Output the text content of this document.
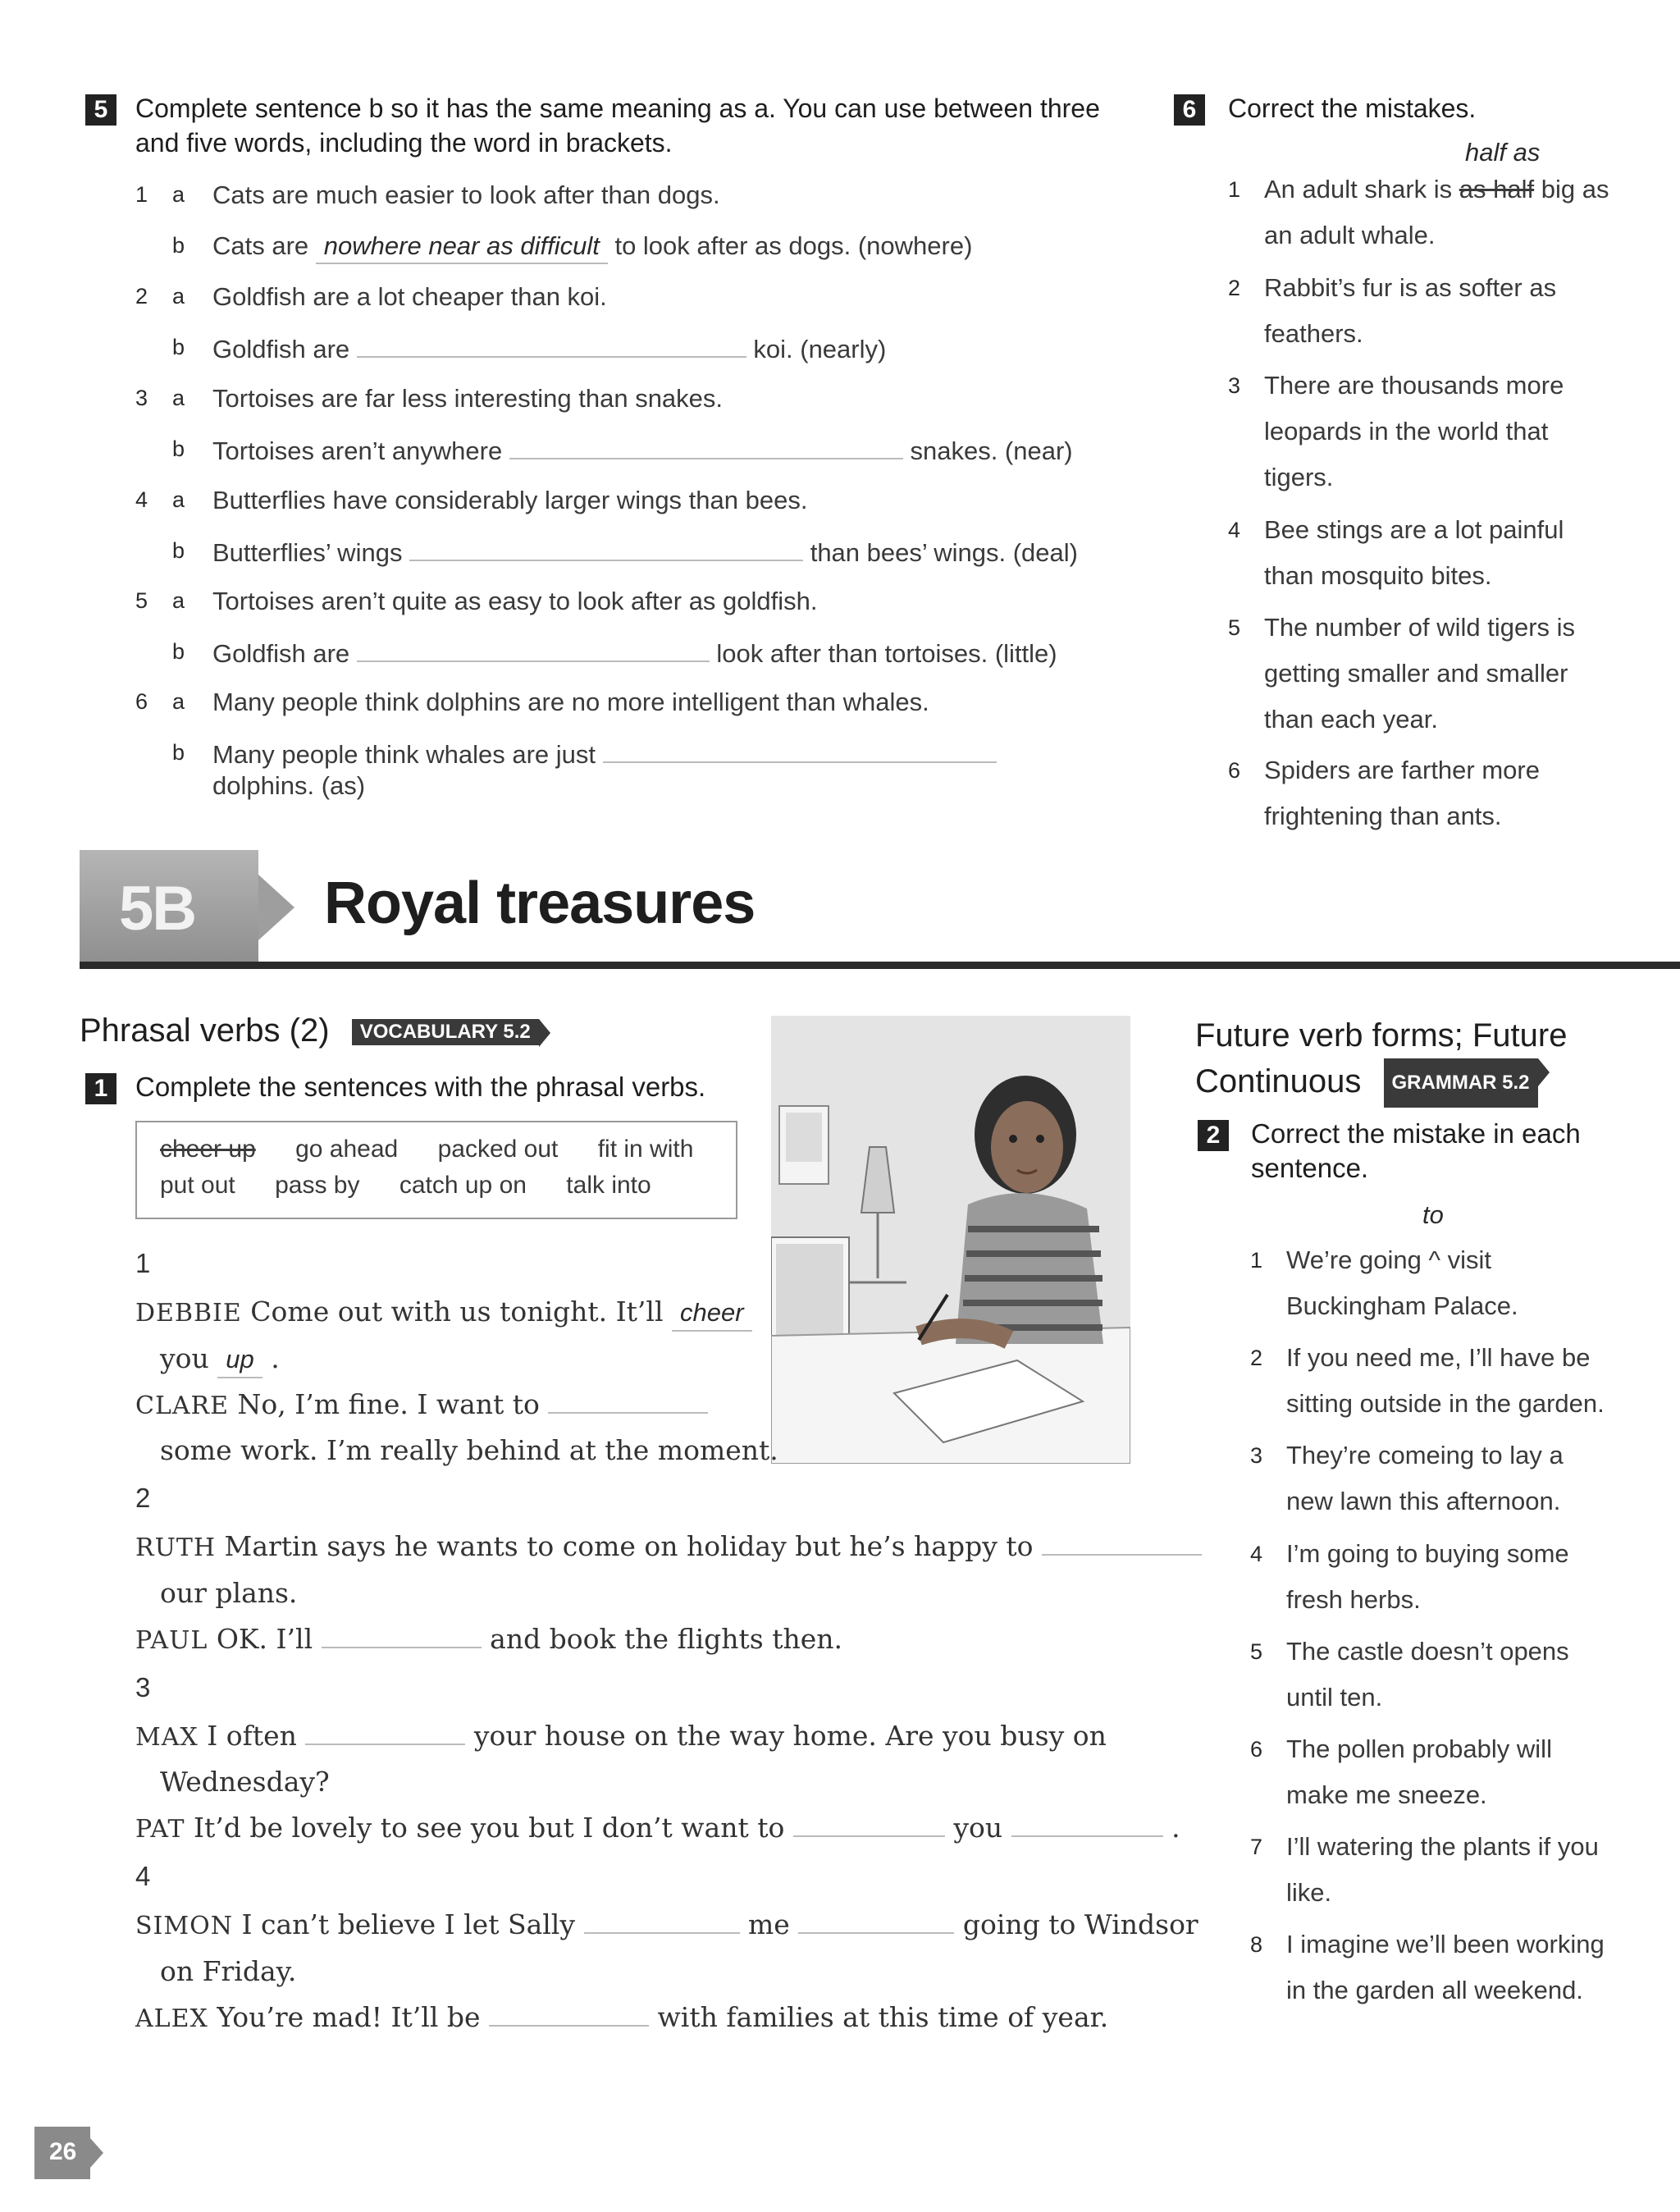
5	Complete sentence b so it has the same meaning as a. You can use between three and five words, including the word in brackets.
1 a Cats are much easier to look after than dogs.
b Cats are nowhere near as difficult to look after as dogs. (nowhere)
2 a Goldfish are a lot cheaper than koi.
b Goldfish are	koi. (nearly)
3 a Tortoises are far less interesting than snakes.
b Tortoises aren’t anywhere	snakes. (near)
4 a Butterflies have considerably larger wings than bees.
b Butterflies’ wings	than bees’ wings. (deal)
5 a Tortoises aren’t quite as easy to look after as goldfish.
b Goldfish are	look after than tortoises. (little)
6 a Many people think dolphins are no more intelligent than whales.
b Many people think whales are just
dolphins. (as)
6	Correct the mistakes.
half as
1 An adult shark is as half big as
an adult whale.
2 Rabbit’s fur is as softer as
feathers.
3 There are thousands more
leopards in the world that
tigers.
4 Bee stings are a lot painful
than mosquito bites.
5 The number of wild tigers is
getting smaller and smaller
than each year.
6 Spiders are farther more
frightening than ants.
5B Royal treasures
Phrasal verbs (2) VOCABULARY 5.2
1	Complete the sentences with the phrasal verbs.
cheer up go ahead packed out fit in with
put out pass by catch up on talk into
1
DEBBIE Come out with us tonight. It’ll cheer
you up .
CLARE No, I’m fine. I want to
some work. I’m really behind at the moment.
2
RUTH Martin says he wants to come on holiday but he’s happy to
our plans.
PAUL OK. I’ll	and book the flights then.
3
MAX I often	your house on the way home. Are you busy on
Wednesday?
PAT It’d be lovely to see you but I don’t want to	you	.
4
SIMON I can’t believe I let Sally	me	going to Windsor
on Friday.
ALEX You’re mad! It’ll be	with families at this time of year.
Future verb forms; Future
Continuous GRAMMAR 5.2
2	Correct the mistake in each sentence.
to
1 We’re going ^ visit
Buckingham Palace.
2 If you need me, I’ll have be
sitting outside in the garden.
3 They’re comeing to lay a
new lawn this afternoon.
4 I’m going to buying some
fresh herbs.
5 The castle doesn’t opens
until ten.
6 The pollen probably will
make me sneeze.
7 I’ll watering the plants if you
like.
8 I imagine we’ll been working
in the garden all weekend.
26
